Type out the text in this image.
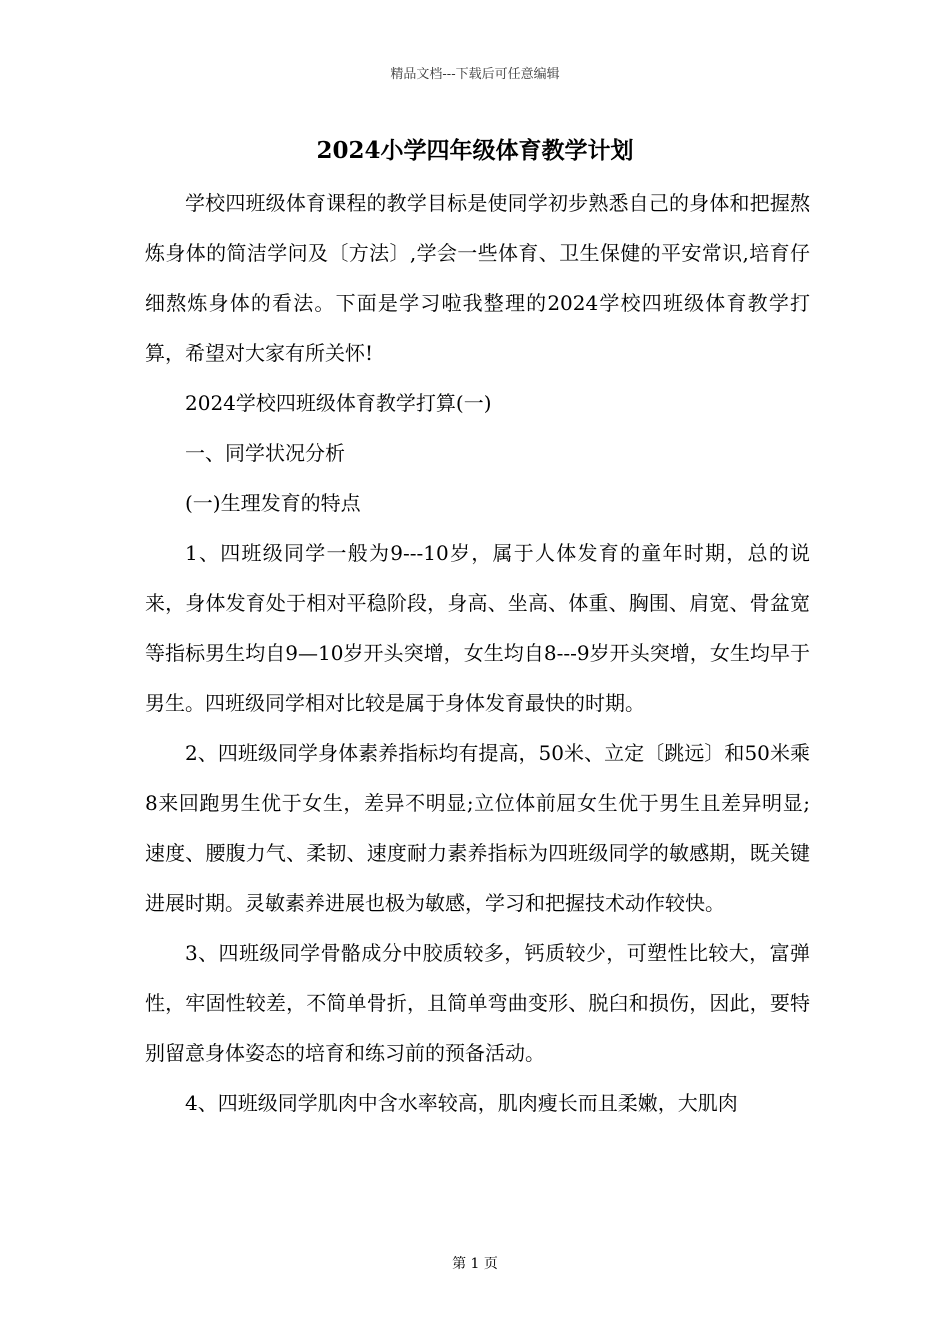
精品文档---下载后可任意编辑
2024小学四年级体育教学计划

学校四班级体育课程的教学目标是使同学初步熟悉自己的身体和把握熬炼身体的简洁学问及〔方法〕,学会一些体育、卫生保健的平安常识,培育仔细熬炼身体的看法。下面是学习啦我整理的2024学校四班级体育教学打算，希望对大家有所关怀!

2024学校四班级体育教学打算(一)

一、同学状况分析

(一)生理发育的特点

1、四班级同学一般为9---10岁，属于人体发育的童年时期，总的说来，身体发育处于相对平稳阶段，身高、坐高、体重、胸围、肩宽、骨盆宽等指标男生均自9—10岁开头突增，女生均自8---9岁开头突增，女生均早于男生。四班级同学相对比较是属于身体发育最快的时期。

2、四班级同学身体素养指标均有提高，50米、立定〔跳远〕和50米乘8来回跑男生优于女生，差异不明显;立位体前屈女生优于男生且差异明显;速度、腰腹力气、柔韧、速度耐力素养指标为四班级同学的敏感期，既关键进展时期。灵敏素养进展也极为敏感，学习和把握技术动作较快。

3、四班级同学骨骼成分中胶质较多，钙质较少，可塑性比较大，富弹性，牢固性较差，不简单骨折，且简单弯曲变形、脱臼和损伤，因此，要特别留意身体姿态的培育和练习前的预备活动。

4、四班级同学肌肉中含水率较高，肌肉瘦长而且柔嫩，大肌肉

第 1 页
